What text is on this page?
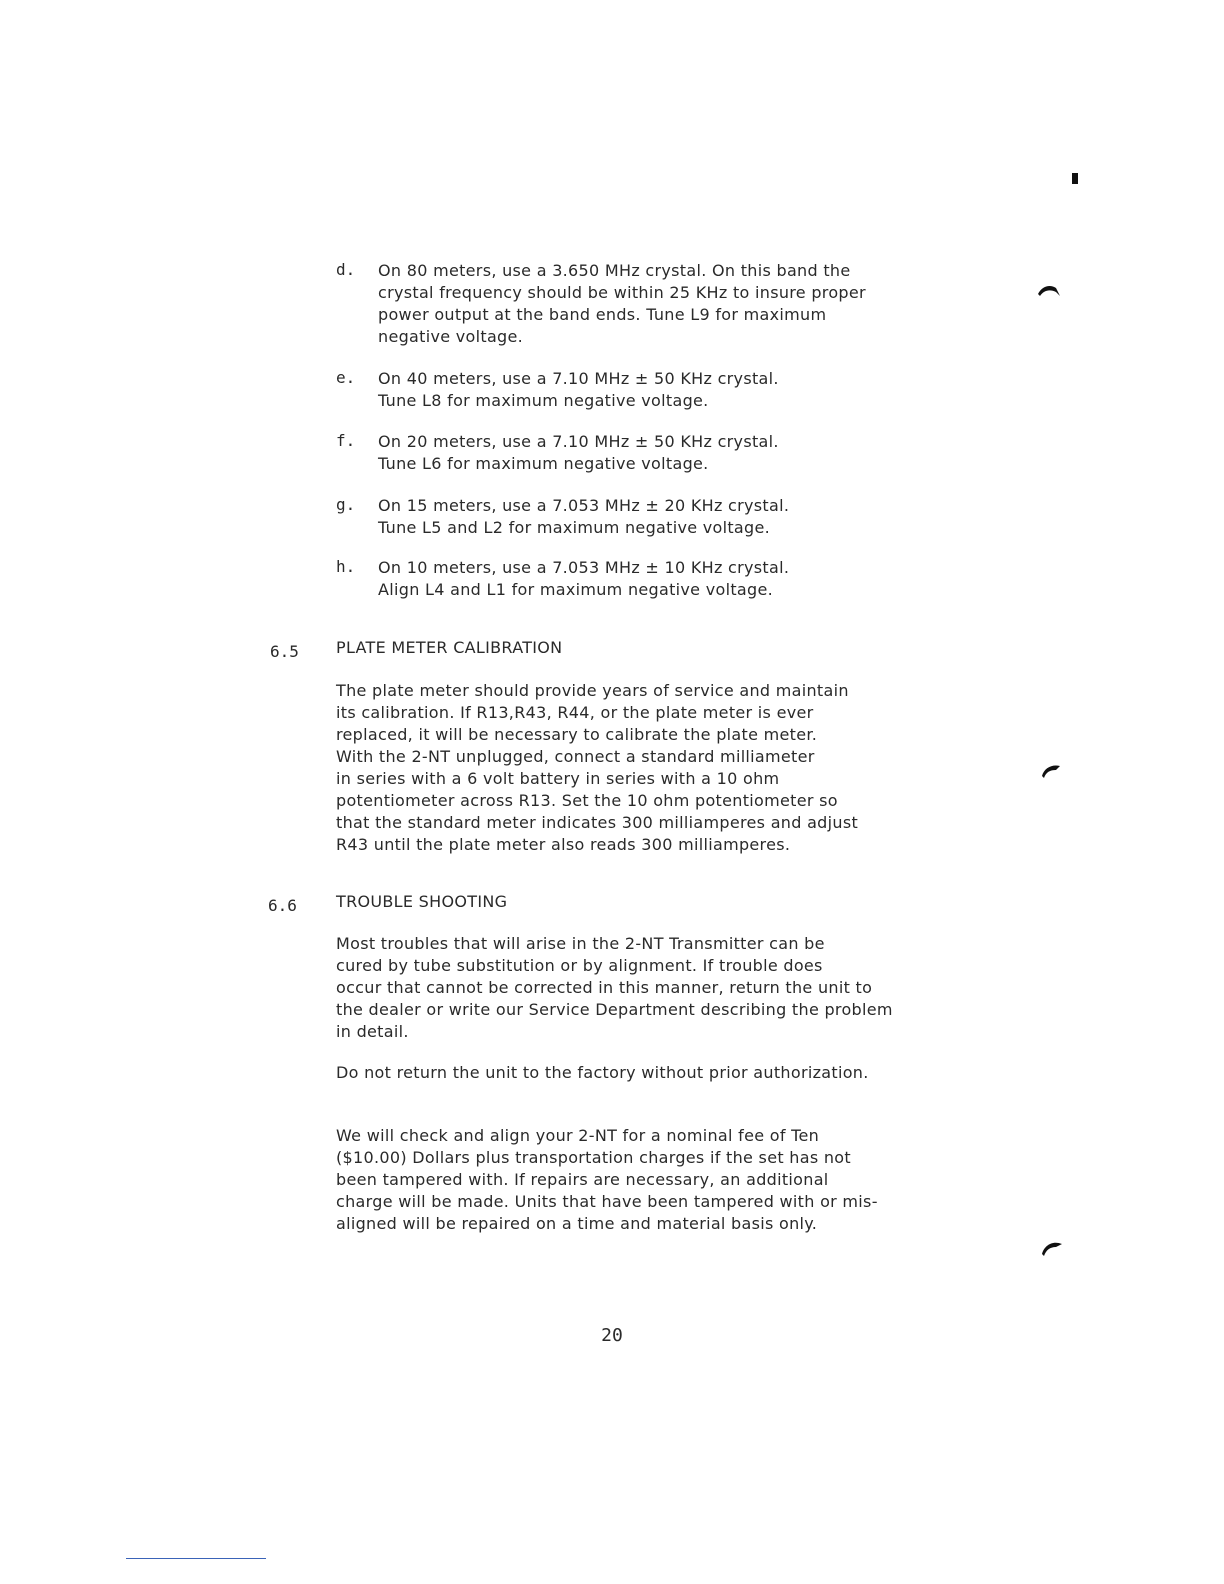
d. On 80 meters, use a 3.650 MHz crystal. On this band the
crystal frequency should be within 25 KHz to insure proper
power output at the band ends. Tune L9 for maximum
negative voltage.
e. On 40 meters, use a 7.10 MHz ± 50 KHz crystal.
Tune L8 for maximum negative voltage.
f. On 20 meters, use a 7.10 MHz ± 50 KHz crystal.
Tune L6 for maximum negative voltage.
g. On 15 meters, use a 7.053 MHz ± 20 KHz crystal.
Tune L5 and L2 for maximum negative voltage.
h. On 10 meters, use a 7.053 MHz ± 10 KHz crystal.
Align L4 and L1 for maximum negative voltage.
6.5 PLATE METER CALIBRATION
The plate meter should provide years of service and maintain
its calibration. If R13,R43, R44, or the plate meter is ever
replaced, it will be necessary to calibrate the plate meter.
With the 2-NT unplugged, connect a standard milliameter
in series with a 6 volt battery in series with a 10 ohm
potentiometer across R13. Set the 10 ohm potentiometer so
that the standard meter indicates 300 milliamperes and adjust
R43 until the plate meter also reads 300 milliamperes.
6.6 TROUBLE SHOOTING
Most troubles that will arise in the 2-NT Transmitter can be
cured by tube substitution or by alignment. If trouble does
occur that cannot be corrected in this manner, return the unit to
the dealer or write our Service Department describing the problem
in detail.
Do not return the unit to the factory without prior authorization.
We will check and align your 2-NT for a nominal fee of Ten
($10.00) Dollars plus transportation charges if the set has not
been tampered with. If repairs are necessary, an additional
charge will be made. Units that have been tampered with or mis-
aligned will be repaired on a time and material basis only.
20
